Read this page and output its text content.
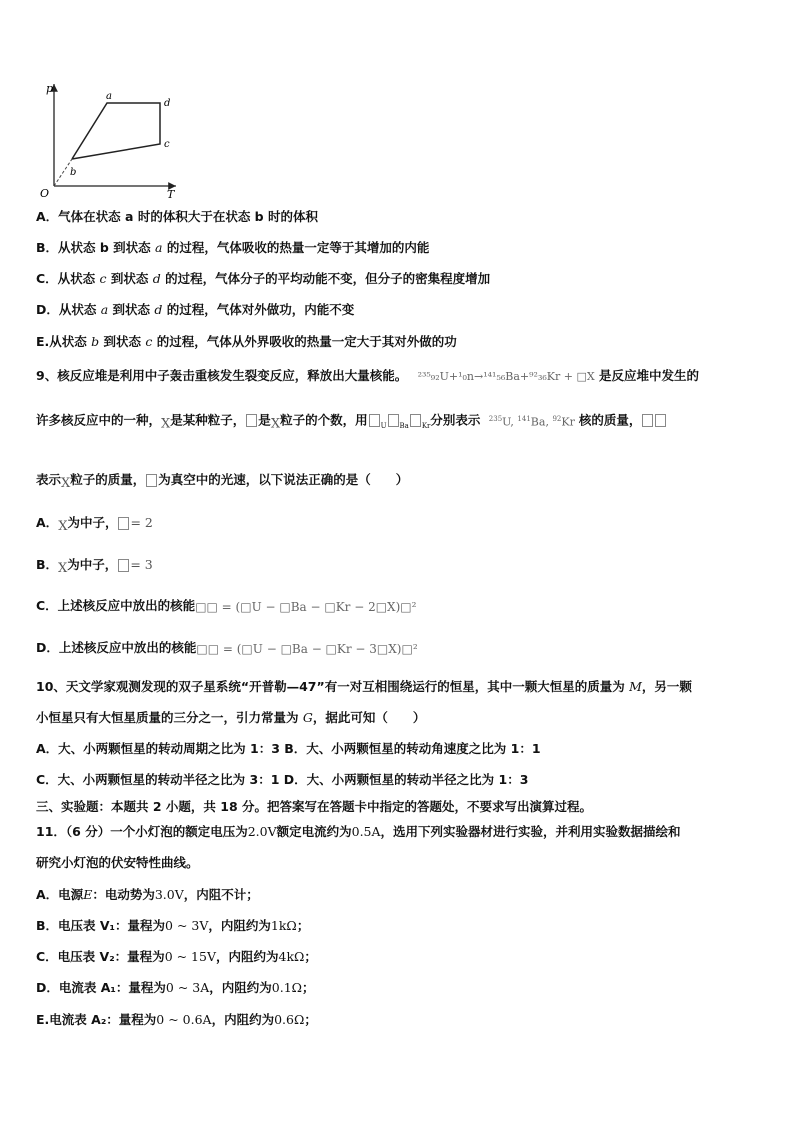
p
T
O
a
d
c
b
A．气体在状态 a 时的体积大于在状态 b 时的体积
B．从状态 b 到状态 a 的过程，气体吸收的热量一定等于其增加的内能
C．从状态 c 到状态 d 的过程，气体分子的平均动能不变，但分子的密集程度增加
D．从状态 a 到状态 d 的过程，气体对外做功，内能不变
E.从状态 b 到状态 c 的过程，气体从外界吸收的热量一定大于其对外做的功
9、核反应堆是利用中子轰击重核发生裂变反应，释放出大量核能。 ²³⁵₉₂U+¹₀n→¹⁴¹₅₆Ba+⁹²₃₆Kr + □X 是反应堆中发生的
许多核反应中的一种，X是某种粒子， 是X粒子的个数，用 $_U$ $_{Ba}$ $_{Kr}$分别表示 $^{235}$U, $^{141}$Ba, $^{92}$Kr 核的质量，
表示X粒子的质量， 为真空中的光速，以下说法正确的是（　　）
A．X为中子， = 2
B．X为中子， = 3
C．上述核反应中放出的核能□□ = (□U − □Ba − □Kr − 2□X)□²
D．上述核反应中放出的核能□□ = (□U − □Ba − □Kr − 3□X)□²
10、天文学家观测发现的双子星系统“开普勒—47”有一对互相围绕运行的恒星，其中一颗大恒星的质量为 M，另一颗
小恒星只有大恒星质量的三分之一，引力常量为 G，据此可知（　　）
A．大、小两颗恒星的转动周期之比为 1：3 B．大、小两颗恒星的转动角速度之比为 1：1
C．大、小两颗恒星的转动半径之比为 3：1 D．大、小两颗恒星的转动半径之比为 1：3
三、实验题：本题共 2 小题，共 18 分。把答案写在答题卡中指定的答题处，不要求写出演算过程。
11．（6 分）一个小灯泡的额定电压为2.0V额定电流约为0.5A，选用下列实验器材进行实验，并利用实验数据描绘和
研究小灯泡的伏安特性曲线。
A．电源E：电动势为3.0V，内阻不计；
B．电压表 V₁：量程为0 ~ 3V，内阻约为1kΩ；
C．电压表 V₂：量程为0 ~ 15V，内阻约为4kΩ；
D．电流表 A₁：量程为0 ~ 3A，内阻约为0.1Ω；
E.电流表 A₂：量程为0 ~ 0.6A，内阻约为0.6Ω；
